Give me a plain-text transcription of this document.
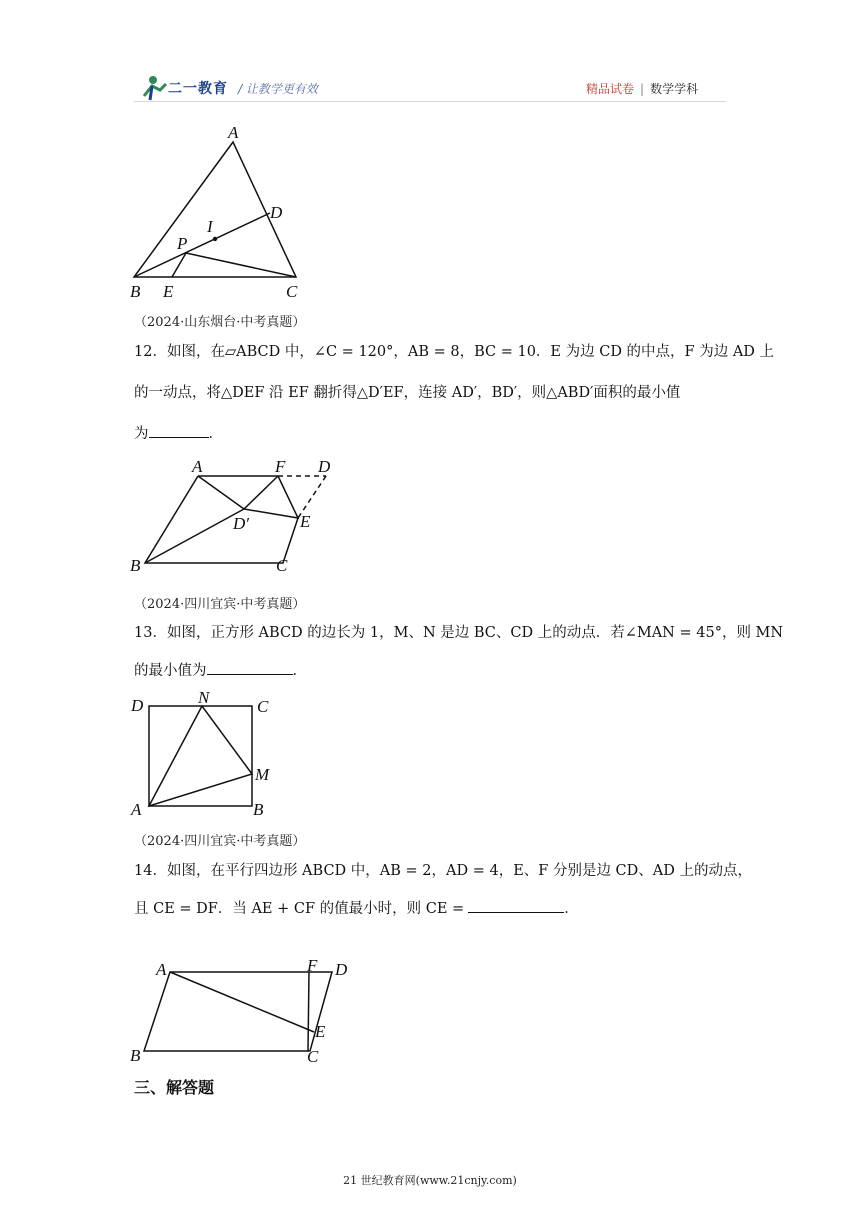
二一教育 / 让教学更有效	精品试卷 | 数学学科
A
D
I
P
B E	C
（2024·山东烟台·中考真题）
12．如图，在▱ABCD 中，∠C = 120°，AB = 8，BC = 10．E 为边 CD 的中点，F 为边 AD 上
的一动点，将△DEF 沿 EF 翻折得△D′EF，连接 AD′，BD′，则△ABD′面积的最小值
为	．
A	F D
D′	E
B	C
（2024·四川宜宾·中考真题）
13．如图，正方形 ABCD 的边长为 1，M、N 是边 BC、CD 上的动点．若∠MAN = 45°，则 MN
的最小值为	．
D	N	C
M
A	B
（2024·四川宜宾·中考真题）
14．如图，在平行四边形 ABCD 中，AB = 2，AD = 4，E、F 分别是边 CD、AD 上的动点，
且 CE = DF．当 AE + CF 的值最小时，则 CE =	．
A	F D
E
B	C
三、解答题
21 世纪教育网(www.21cnjy.com)
